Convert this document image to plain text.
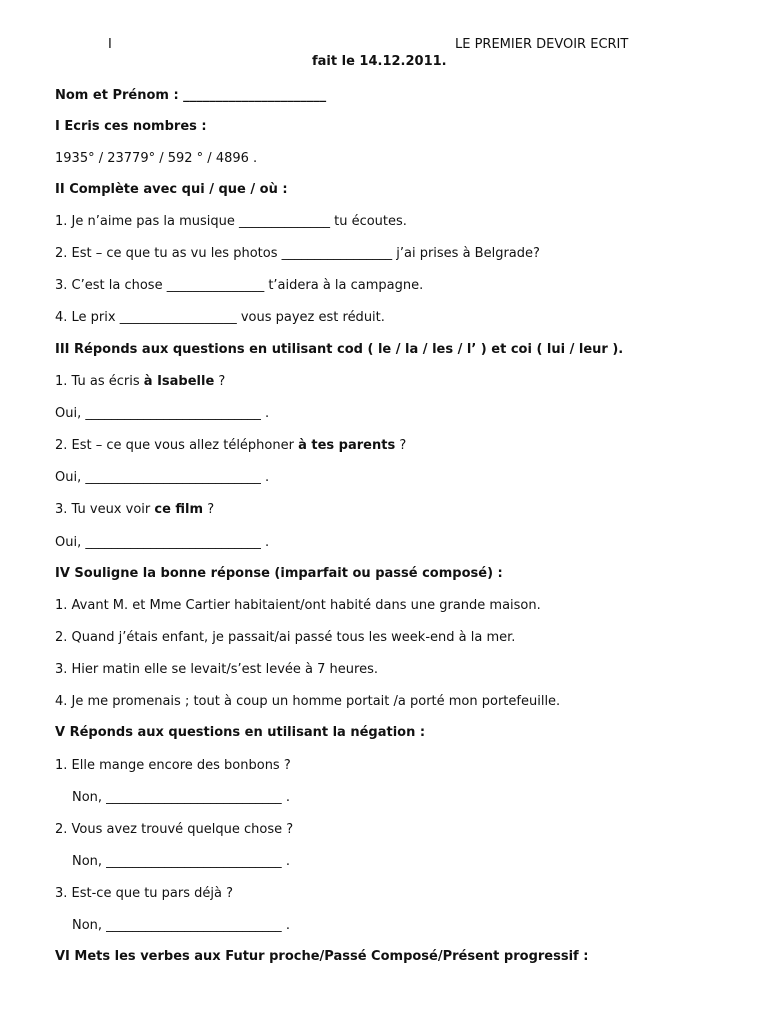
I	LE PREMIER DEVOIR ECRIT
fait le 14.12.2011.
Nom et Prénom : ______________________
I Ecris ces nombres :
1935° / 23779° / 592 ° / 4896 .
II Complète avec qui / que / où :
1. Je n’aime pas la musique ______________ tu écoutes.
2. Est – ce que tu as vu les photos _________________ j’ai prises à Belgrade?
3. C’est la chose _______________ t’aidera à la campagne.
4. Le prix __________________ vous payez est réduit.
III Réponds aux questions en utilisant cod ( le / la / les / l’ ) et coi ( lui / leur ).
1. Tu as écris à Isabelle ?
Oui, ___________________________ .
2. Est – ce que vous allez téléphoner à tes parents ?
Oui, ___________________________ .
3. Tu veux voir ce film ?
Oui, ___________________________ .
IV Souligne la bonne réponse (imparfait ou passé composé) :
1. Avant M. et Mme Cartier habitaient/ont habité dans une grande maison.
2. Quand j’étais enfant, je passait/ai passé tous les week-end à la mer.
3. Hier matin elle se levait/s’est levée à 7 heures.
4. Je me promenais ; tout à coup un homme portait /a porté mon portefeuille.
V Réponds aux questions en utilisant la négation :
1. Elle mange encore des bonbons ?
Non, ___________________________ .
2. Vous avez trouvé quelque chose ?
Non, ___________________________ .
3. Est-ce que tu pars déjà ?
Non, ___________________________ .
VI Mets les verbes aux Futur proche/Passé Composé/Présent progressif :
